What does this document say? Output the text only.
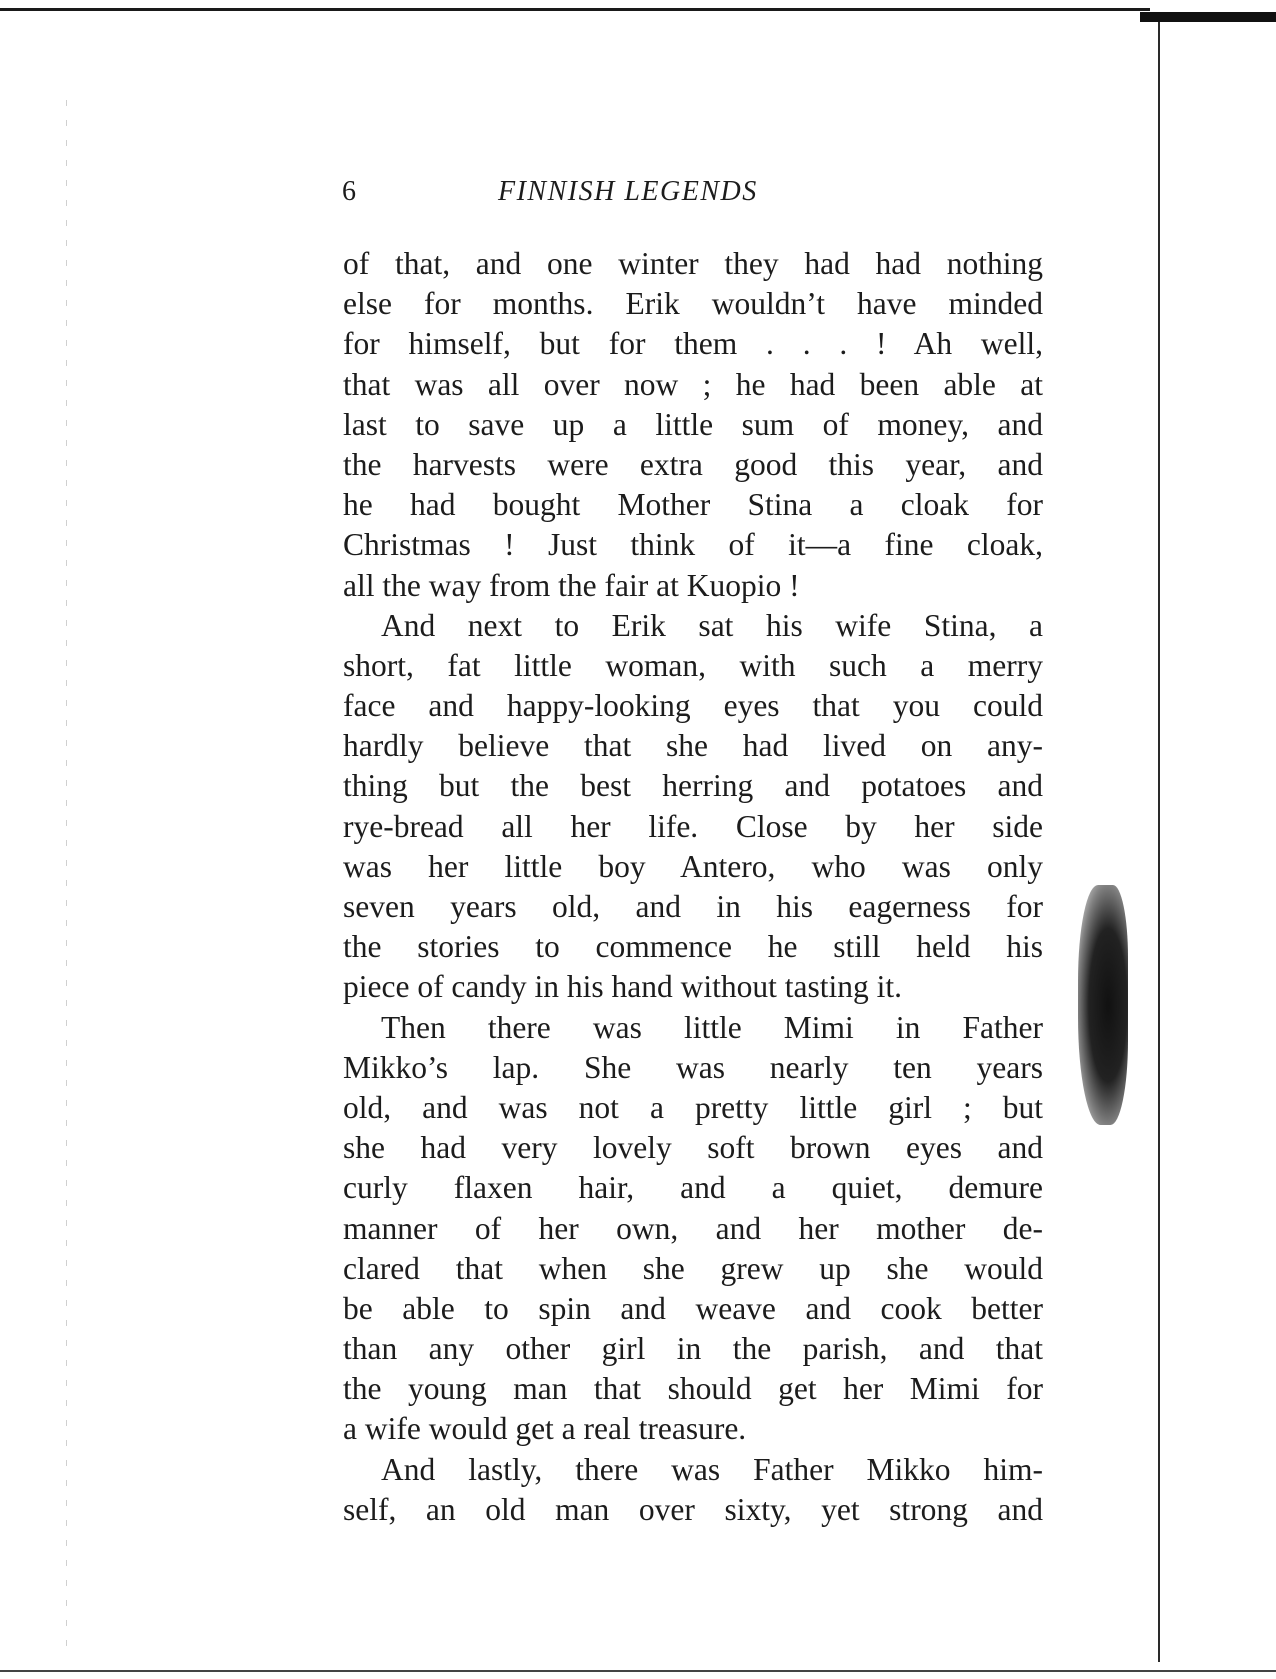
6	FINNISH LEGENDS
of that, and one winter they had had nothing
else for months. Erik wouldn’t have minded
for himself, but for them . . . ! Ah well,
that was all over now ; he had been able at
last to save up a little sum of money, and
the harvests were extra good this year, and
he had bought Mother Stina a cloak for
Christmas ! Just think of it—a fine cloak,
all the way from the fair at Kuopio !
And next to Erik sat his wife Stina, a
short, fat little woman, with such a merry
face and happy-looking eyes that you could
hardly believe that she had lived on any-
thing but the best herring and potatoes and
rye-bread all her life. Close by her side
was her little boy Antero, who was only
seven years old, and in his eagerness for
the stories to commence he still held his
piece of candy in his hand without tasting it.
Then there was little Mimi in Father
Mikko’s lap. She was nearly ten years
old, and was not a pretty little girl ; but
she had very lovely soft brown eyes and
curly flaxen hair, and a quiet, demure
manner of her own, and her mother de-
clared that when she grew up she would
be able to spin and weave and cook better
than any other girl in the parish, and that
the young man that should get her Mimi for
a wife would get a real treasure.
And lastly, there was Father Mikko him-
self, an old man over sixty, yet strong and
